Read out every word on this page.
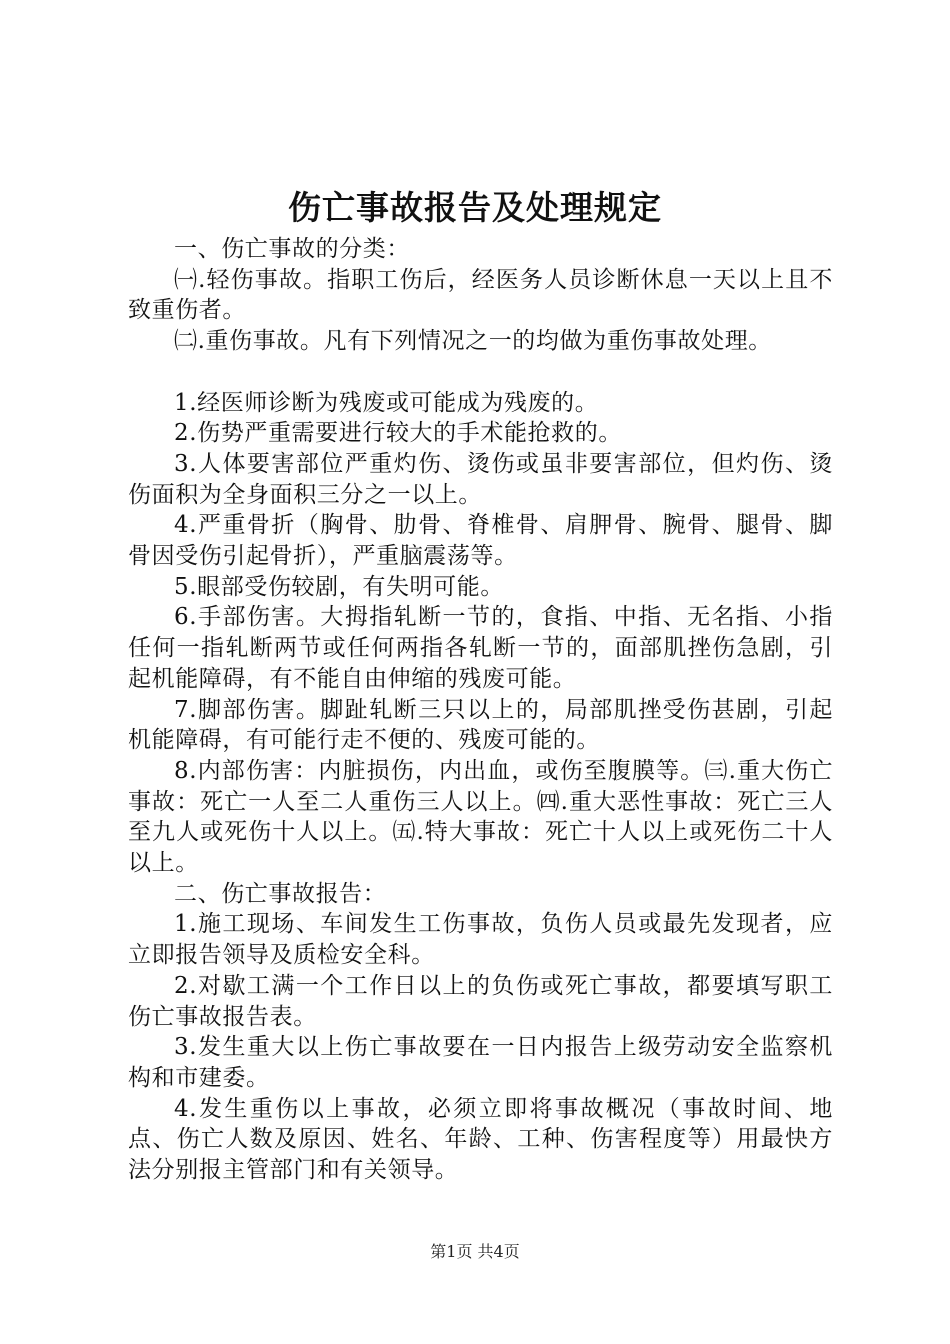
伤亡事故报告及处理规定

一、伤亡事故的分类：

㈠.轻伤事故。指职工伤后，经医务人员诊断休息一天以上且不致重伤者。

㈡.重伤事故。凡有下列情况之一的均做为重伤事故处理。

1.经医师诊断为残废或可能成为残废的。

2.伤势严重需要进行较大的手术能抢救的。

3.人体要害部位严重灼伤、烫伤或虽非要害部位，但灼伤、烫伤面积为全身面积三分之一以上。

4.严重骨折（胸骨、肋骨、脊椎骨、肩胛骨、腕骨、腿骨、脚骨因受伤引起骨折），严重脑震荡等。

5.眼部受伤较剧，有失明可能。

6.手部伤害。大拇指轧断一节的，食指、中指、无名指、小指任何一指轧断两节或任何两指各轧断一节的，面部肌挫伤急剧，引起机能障碍，有不能自由伸缩的残废可能。

7.脚部伤害。脚趾轧断三只以上的，局部肌挫受伤甚剧，引起机能障碍，有可能行走不便的、残废可能的。

8.内部伤害：内脏损伤，内出血，或伤至腹膜等。㈢.重大伤亡事故：死亡一人至二人重伤三人以上。㈣.重大恶性事故：死亡三人至九人或死伤十人以上。㈤.特大事故：死亡十人以上或死伤二十人以上。

二、伤亡事故报告：

1.施工现场、车间发生工伤事故，负伤人员或最先发现者，应立即报告领导及质检安全科。

2.对歇工满一个工作日以上的负伤或死亡事故，都要填写职工伤亡事故报告表。

3.发生重大以上伤亡事故要在一日内报告上级劳动安全监察机构和市建委。

4.发生重伤以上事故，必须立即将事故概况（事故时间、地点、伤亡人数及原因、姓名、年龄、工种、伤害程度等）用最快方法分别报主管部门和有关领导。

第1页 共4页
